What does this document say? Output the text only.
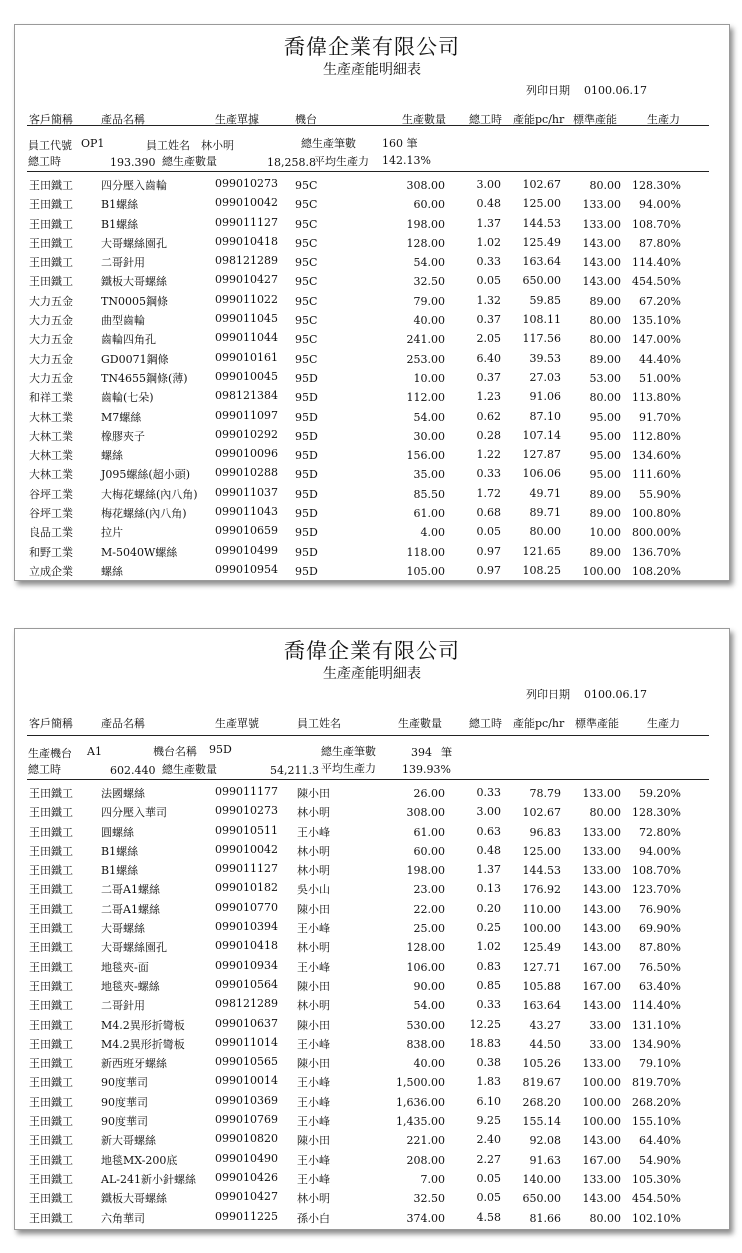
喬偉企業有限公司
生產產能明細表
列印日期 0100.06.17
客戶簡稱	產品名稱	生產單據	機台	生產數量 總工時 產能pc/hr 標準產能	生產力
員工代號 OP1	員工姓名 林小明	總生產筆數 160 筆
總工時	193.390 總生產數量	18,258.8
平均生產力 142.13%
王田鐵工	四分壓入齒輪	099010273 95C	308.00	3.00 102.67	80.00 128.30%
王田鐵工	B1螺絲	099010042 95C	60.00	0.48 125.00 133.00 94.00%
王田鐵工	B1螺絲	099011127 95C	198.00	1.37 144.53 133.00 108.70%
王田鐵工	大哥螺絲園孔	099010418 95C	128.00	1.02 125.49 143.00 87.80%
王田鐵工	二哥針用	098121289 95C	54.00	0.33 163.64 143.00 114.40%
王田鐵工	鐵板大哥螺絲	099010427 95C	32.50	0.05 650.00 143.00 454.50%
大力五金	TN0005鋼條	099011022 95C	79.00	1.32	59.85	89.00 67.20%
大力五金	曲型齒輪	099011045 95C	40.00	0.37 108.11	80.00 135.10%
大力五金	齒輪四角孔	099011044 95C	241.00	2.05 117.56	80.00 147.00%
大力五金	GD0071鋼條	099010161 95C	253.00	6.40	39.53	89.00 44.40%
大力五金	TN4655鋼條(薄) 099010045 95D	10.00	0.37	27.03	53.00 51.00%
和祥工業	齒輪(七朵)	098121384 95D	112.00	1.23	91.06	80.00 113.80%
大林工業	M7螺絲	099011097 95D	54.00	0.62	87.10	95.00 91.70%
大林工業	橡膠夾子	099010292 95D	30.00	0.28 107.14	95.00 112.80%
大林工業	螺絲	099010096 95D	156.00	1.22 127.87	95.00 134.60%
大林工業	J095螺絲(超小頭) 099010288 95D	35.00	0.33 106.06	95.00 111.60%
谷坪工業	大梅花螺絲(內八角) 099011037 95D	85.50	1.72	49.71	89.00 55.90%
谷坪工業	梅花螺絲(內八角)	099011043 95D	61.00	0.68	89.71	89.00 100.80%
良品工業	拉片	099010659 95D	4.00	0.05	80.00	10.00 800.00%
和野工業	M-5040W螺絲	099010499 95D	118.00	0.97 121.65	89.00 136.70%
立成企業	螺絲	099010954 95D	105.00	0.97 108.25 100.00 108.20%
喬偉企業有限公司
生產產能明細表
列印日期 0100.06.17
客戶簡稱	產品名稱	生產單號	員工姓名	生產數量 總工時 產能pc/hr 標準產能	生產力
生產機台 A1	機台名稱 95D	總生產筆數	394 筆
總工時	602.440 總生產數量	54,211.3 平均生產力 139.93%
王田鐵工	法國螺絲	099011177 陳小田	26.00	0.33	78.79 133.00 59.20%
王田鐵工	四分壓入華司	099010273 林小明	308.00	3.00 102.67	80.00 128.30%
王田鐵工	圓螺絲	099010511 王小峰	61.00	0.63	96.83 133.00 72.80%
王田鐵工	B1螺絲	099010042 林小明	60.00	0.48 125.00 133.00 94.00%
王田鐵工	B1螺絲	099011127 林小明	198.00	1.37 144.53 133.00 108.70%
王田鐵工	二哥A1螺絲	099010182 吳小山	23.00	0.13 176.92 143.00 123.70%
王田鐵工	二哥A1螺絲	099010770 陳小田	22.00	0.20 110.00 143.00 76.90%
王田鐵工	大哥螺絲	099010394 王小峰	25.00	0.25 100.00 143.00 69.90%
王田鐵工	大哥螺絲園孔	099010418 林小明	128.00	1.02 125.49 143.00 87.80%
王田鐵工	地毯夾-面	099010934 王小峰	106.00	0.83 127.71 167.00 76.50%
王田鐵工	地毯夾-螺絲	099010564 陳小田	90.00	0.85 105.88 167.00 63.40%
王田鐵工	二哥針用	098121289 林小明	54.00	0.33 163.64 143.00 114.40%
王田鐵工	M4.2異形折彎板	099010637 陳小田	530.00 12.25	43.27	33.00 131.10%
王田鐵工	M4.2異形折彎板	099011014 王小峰	838.00 18.83	44.50	33.00 134.90%
王田鐵工	新西班牙螺絲	099010565 陳小田	40.00	0.38 105.26 133.00 79.10%
王田鐵工	90度華司	099010014 王小峰	1,500.00	1.83 819.67 100.00 819.70%
王田鐵工	90度華司	099010369 王小峰	1,636.00	6.10 268.20 100.00 268.20%
王田鐵工	90度華司	099010769 王小峰	1,435.00	9.25 155.14 100.00 155.10%
王田鐵工	新大哥螺絲	099010820 陳小田	221.00	2.40	92.08 143.00 64.40%
王田鐵工	地毯MX-200底	099010490 王小峰	208.00	2.27	91.63 167.00 54.90%
王田鐵工	AL-241新小針螺絲 099010426 王小峰	7.00	0.05 140.00 133.00 105.30%
王田鐵工	鐵板大哥螺絲	099010427 林小明	32.50	0.05 650.00 143.00 454.50%
王田鐵工	六角華司	099011225 孫小白	374.00	4.58	81.66	80.00 102.10%
